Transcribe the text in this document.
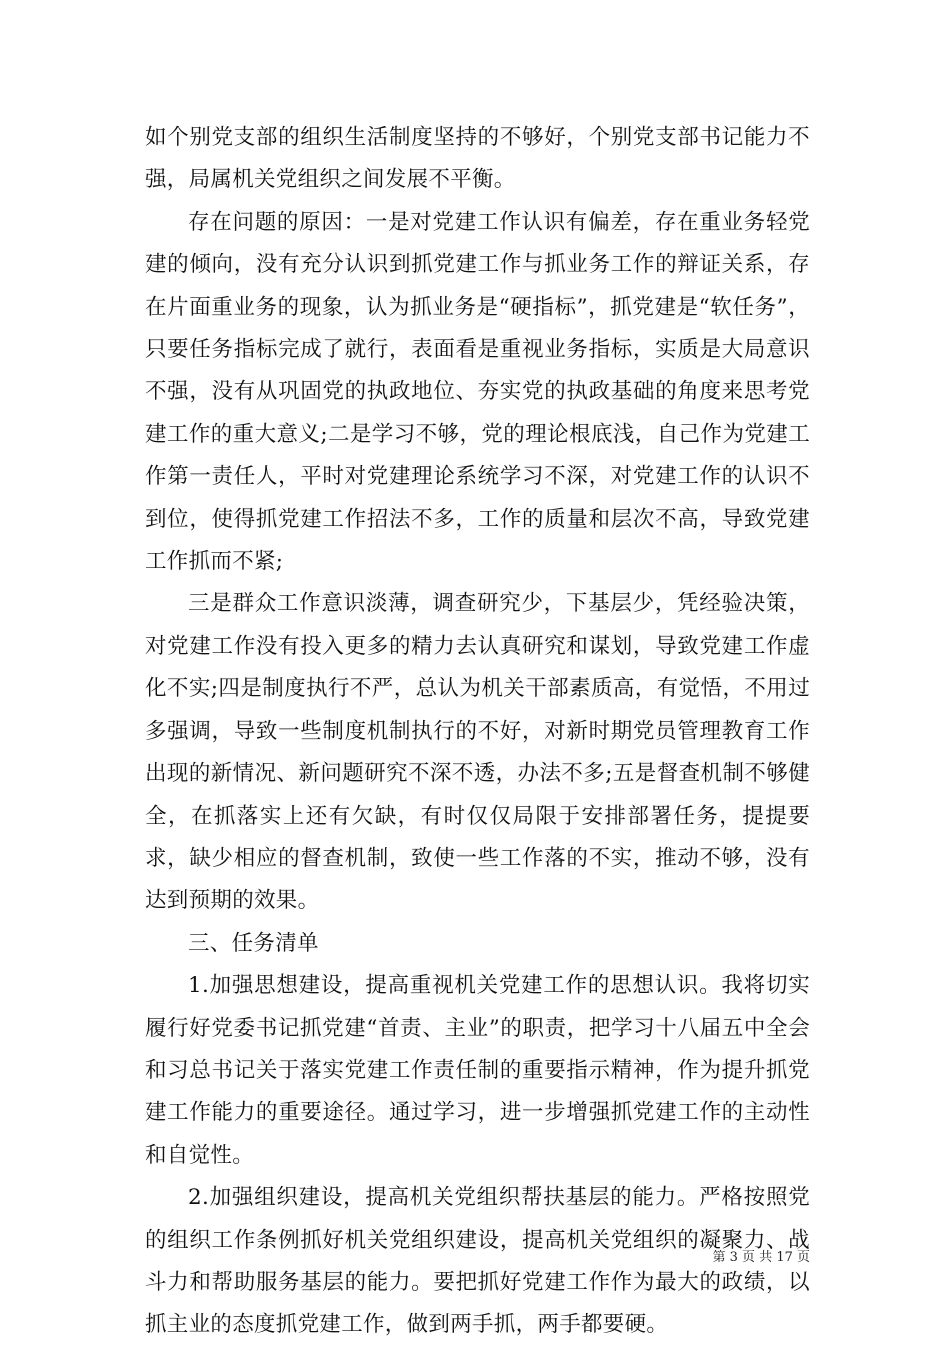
如个别党支部的组织生活制度坚持的不够好，个别党支部书记能力不强，局属机关党组织之间发展不平衡。

存在问题的原因：一是对党建工作认识有偏差，存在重业务轻党建的倾向，没有充分认识到抓党建工作与抓业务工作的辩证关系，存在片面重业务的现象，认为抓业务是“硬指标”，抓党建是“软任务”，只要任务指标完成了就行，表面看是重视业务指标，实质是大局意识不强，没有从巩固党的执政地位、夯实党的执政基础的角度来思考党建工作的重大意义;二是学习不够，党的理论根底浅，自己作为党建工作第一责任人，平时对党建理论系统学习不深，对党建工作的认识不到位，使得抓党建工作招法不多，工作的质量和层次不高，导致党建工作抓而不紧;

三是群众工作意识淡薄，调查研究少，下基层少，凭经验决策，对党建工作没有投入更多的精力去认真研究和谋划，导致党建工作虚化不实;四是制度执行不严，总认为机关干部素质高，有觉悟，不用过多强调，导致一些制度机制执行的不好，对新时期党员管理教育工作出现的新情况、新问题研究不深不透，办法不多;五是督查机制不够健全，在抓落实上还有欠缺，有时仅仅局限于安排部署任务，提提要求，缺少相应的督查机制，致使一些工作落的不实，推动不够，没有达到预期的效果。

三、任务清单

1.加强思想建设，提高重视机关党建工作的思想认识。我将切实履行好党委书记抓党建“首责、主业”的职责，把学习十八届五中全会和习总书记关于落实党建工作责任制的重要指示精神，作为提升抓党建工作能力的重要途径。通过学习，进一步增强抓党建工作的主动性和自觉性。

2.加强组织建设，提高机关党组织帮扶基层的能力。严格按照党的组织工作条例抓好机关党组织建设，提高机关党组织的凝聚力、战斗力和帮助服务基层的能力。要把抓好党建工作作为最大的政绩，以抓主业的态度抓党建工作，做到两手抓，两手都要硬。

第 3 页 共 17 页
